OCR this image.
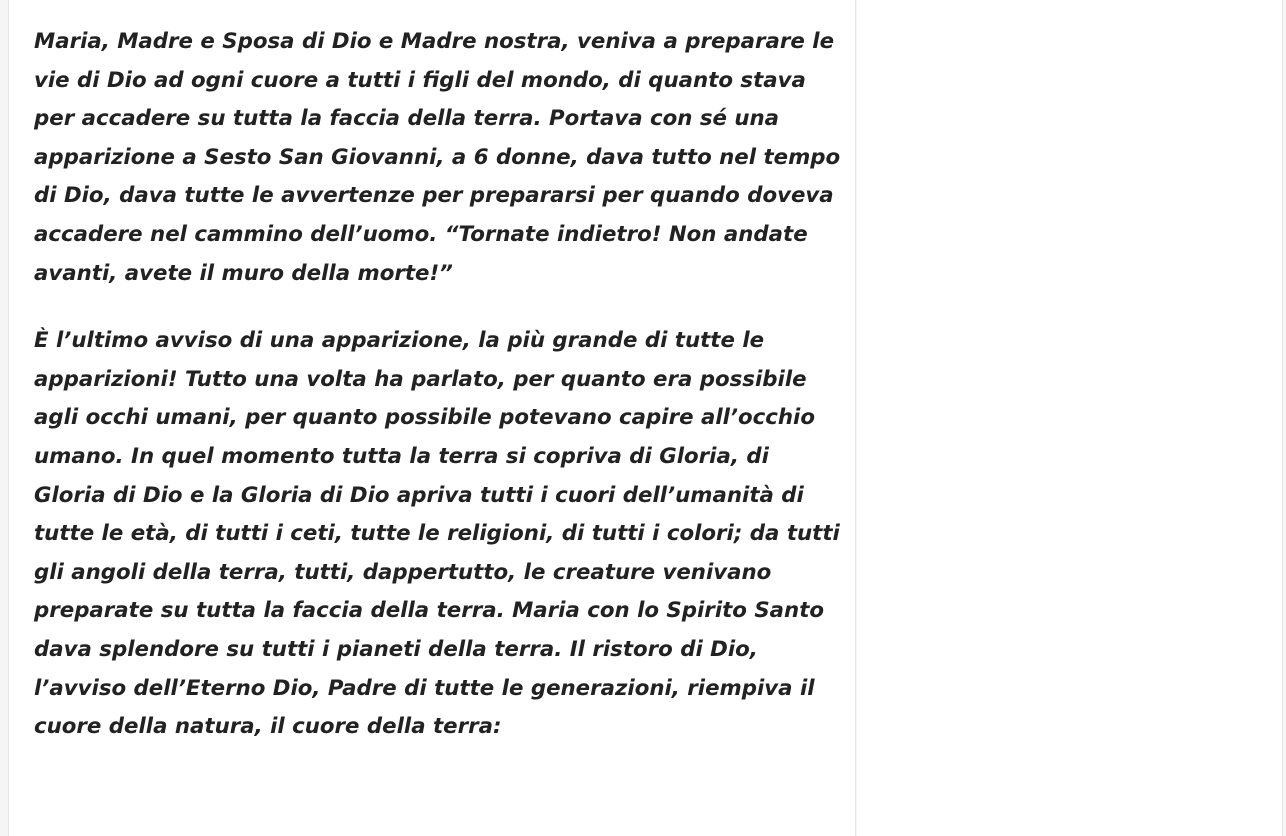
Maria, Madre e Sposa di Dio e Madre nostra, veniva a preparare le vie di Dio ad ogni cuore a tutti i figli del mondo, di quanto stava per accadere su tutta la faccia della terra. Portava con sé una apparizione a Sesto San Giovanni, a 6 donne, dava tutto nel tempo di Dio, dava tutte le avvertenze per prepararsi per quando doveva accadere nel cammino dell’uomo. “Tornate indietro! Non andate avanti, avete il muro della morte!”

È l’ultimo avviso di una apparizione, la più grande di tutte le apparizioni! Tutto una volta ha parlato, per quanto era possibile agli occhi umani, per quanto possibile potevano capire all’occhio umano. In quel momento tutta la terra si copriva di Gloria, di Gloria di Dio e la Gloria di Dio apriva tutti i cuori dell’umanità di tutte le età, di tutti i ceti, tutte le religioni, di tutti i colori; da tutti gli angoli della terra, tutti, dappertutto, le creature venivano preparate su tutta la faccia della terra. Maria con lo Spirito Santo dava splendore su tutti i pianeti della terra. Il ristoro di Dio, l’avviso dell’Eterno Dio, Padre di tutte le generazioni, riempiva il cuore della natura, il cuore della terra:
